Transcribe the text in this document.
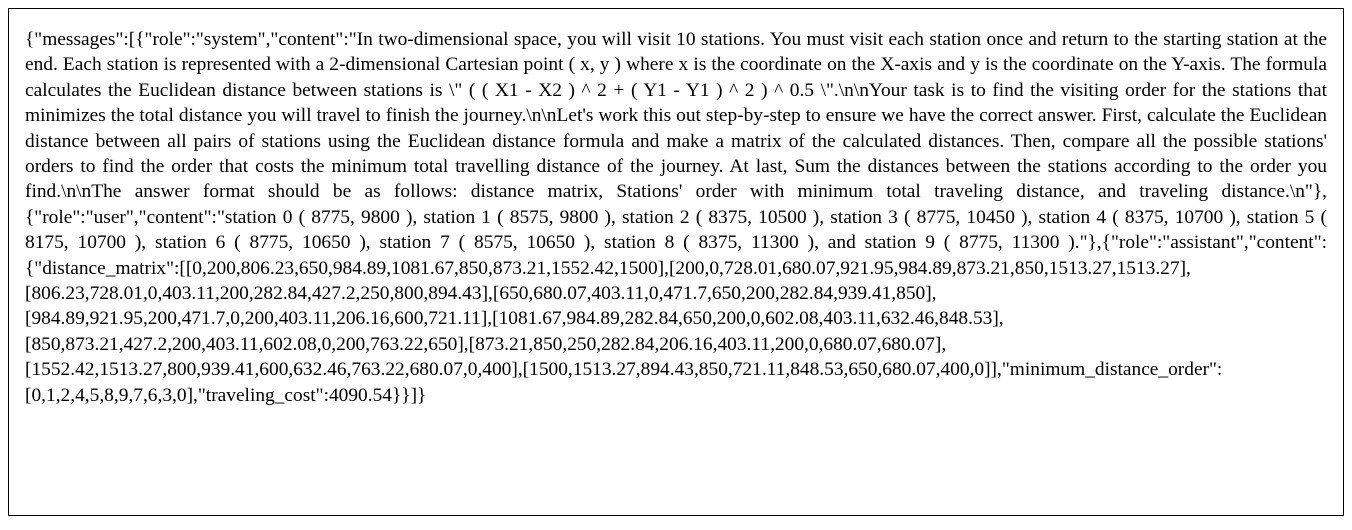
{"messages":[{"role":"system","content":"In two-dimensional space, you will visit 10 stations. You must visit each station once and return to the starting station at the end. Each station is represented with a 2-dimensional Cartesian point ( x, y ) where x is the coordinate on the X-axis and y is the coordinate on the Y-axis. The formula calculates the Euclidean distance between stations is \" ( ( X1 - X2 ) ^ 2 + ( Y1 - Y1 ) ^ 2 ) ^ 0.5 \".\n\nYour task is to find the visiting order for the stations that minimizes the total distance you will travel to finish the journey.\n\nLet's work this out step-by-step to ensure we have the correct answer. First, calculate the Euclidean distance between all pairs of stations using the Euclidean distance formula and make a matrix of the calculated distances. Then, compare all the possible stations' orders to find the order that costs the minimum total travelling distance of the journey. At last, Sum the distances between the stations according to the order you find.\n\nThe answer format should be as follows: distance matrix, Stations' order with minimum total traveling distance, and traveling distance.\n"},{"role":"user","content":"station 0 ( 8775, 9800 ), station 1 ( 8575, 9800 ), station 2 ( 8375, 10500 ), station 3 ( 8775, 10450 ), station 4 ( 8375, 10700 ), station 5 ( 8175, 10700 ), station 6 ( 8775, 10650 ), station 7 ( 8575, 10650 ), station 8 ( 8375, 11300 ), and station 9 ( 8775, 11300 )."},{"role":"assistant","content":{"distance_matrix":[[0,200,806.23,650,984.89,1081.67,850,873.21,1552.42,1500],[200,0,728.01,680.07,921.95,984.89,873.21,850,1513.27,1513.27],[806.23,728.01,0,403.11,200,282.84,427.2,250,800,894.43],[650,680.07,403.11,0,471.7,650,200,282.84,939.41,850],[984.89,921.95,200,471.7,0,200,403.11,206.16,600,721.11],[1081.67,984.89,282.84,650,200,0,602.08,403.11,632.46,848.53],[850,873.21,427.2,200,403.11,602.08,0,200,763.22,650],[873.21,850,250,282.84,206.16,403.11,200,0,680.07,680.07],[1552.42,1513.27,800,939.41,600,632.46,763.22,680.07,0,400],[1500,1513.27,894.43,850,721.11,848.53,650,680.07,400,0]],"minimum_distance_order":[0,1,2,4,5,8,9,7,6,3,0],"traveling_cost":4090.54}}]}
